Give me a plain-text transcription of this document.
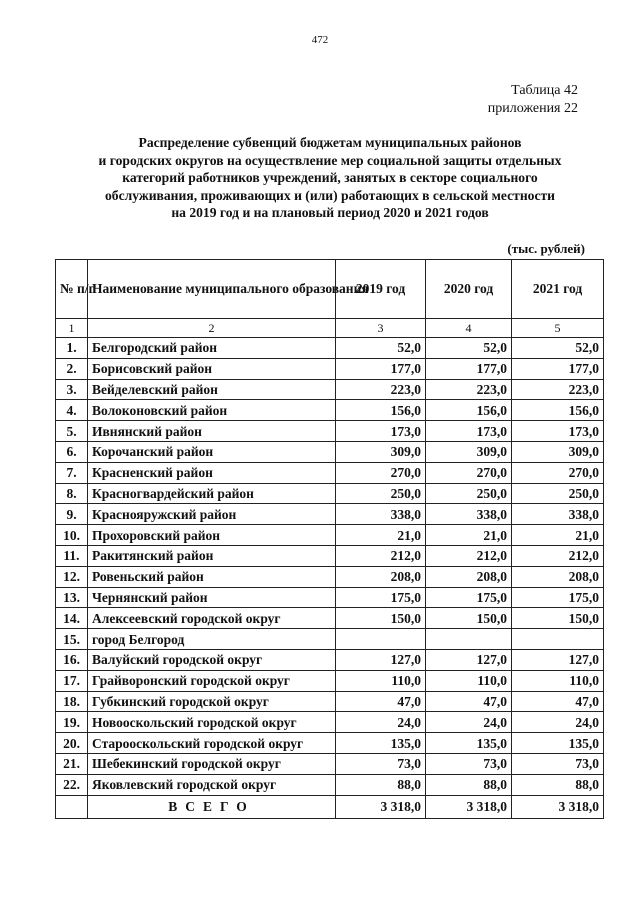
472
Таблица 42
приложения 22
Распределение субвенций бюджетам муниципальных районов
и городских округов на осуществление мер социальной защиты отдельных
категорий работников учреждений, занятых в секторе социального
обслуживания, проживающих и (или) работающих в сельской местности
на 2019 год и на плановый период 2020 и 2021 годов
(тыс. рублей)
№ п/п	Наименование муниципального образования	2019 год	2020 год	2021 год
1	2	3	4	5
1.	Белгородский район	52,0	52,0	52,0
2.	Борисовский район	177,0	177,0	177,0
3.	Вейделевский район	223,0	223,0	223,0
4.	Волоконовский район	156,0	156,0	156,0
5.	Ивнянский район	173,0	173,0	173,0
6.	Корочанский район	309,0	309,0	309,0
7.	Красненский район	270,0	270,0	270,0
8.	Красногвардейский район	250,0	250,0	250,0
9.	Краснояружский район	338,0	338,0	338,0
10.	Прохоровский район	21,0	21,0	21,0
11.	Ракитянский район	212,0	212,0	212,0
12.	Ровеньский район	208,0	208,0	208,0
13.	Чернянский район	175,0	175,0	175,0
14.	Алексеевский городской округ	150,0	150,0	150,0
15.	город Белгород			
16.	Валуйский городской округ	127,0	127,0	127,0
17.	Грайворонский городской округ	110,0	110,0	110,0
18.	Губкинский городской округ	47,0	47,0	47,0
19.	Новооскольский городской округ	24,0	24,0	24,0
20.	Старооскольский городской округ	135,0	135,0	135,0
21.	Шебекинский городской округ	73,0	73,0	73,0
22.	Яковлевский городской округ	88,0	88,0	88,0
	ВСЕГО	3 318,0	3 318,0	3 318,0
